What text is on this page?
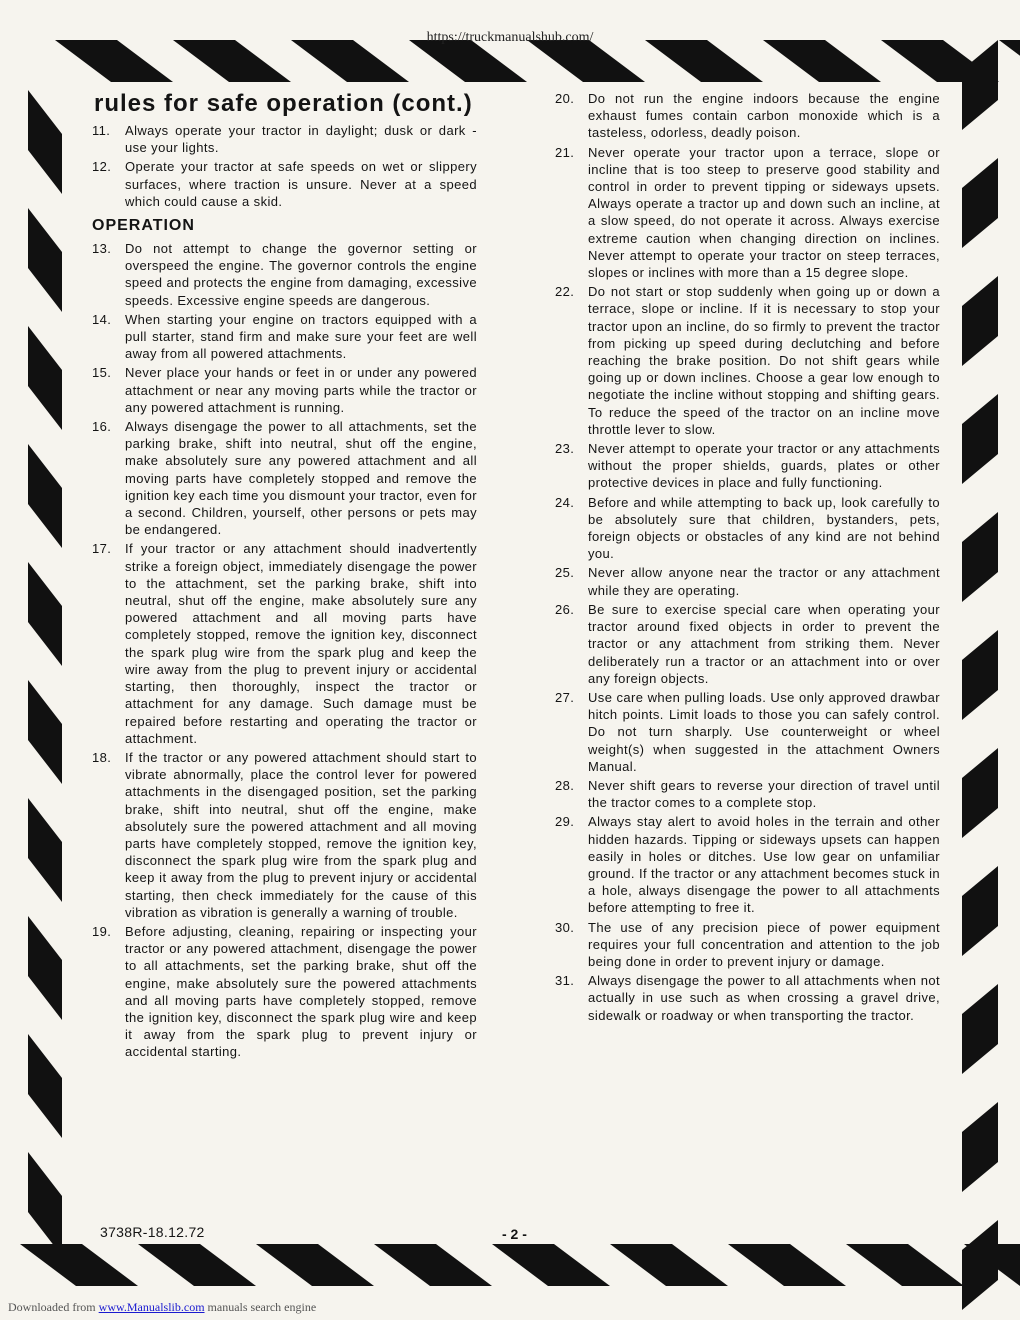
https://truckmanualshub.com/
rules for safe operation (cont.)
11.	Always operate your tractor in daylight; dusk or dark - use your lights.
12.	Operate your tractor at safe speeds on wet or slippery surfaces, where traction is unsure. Never at a speed which could cause a skid.
OPERATION
13.	Do not attempt to change the governor setting or overspeed the engine. The governor controls the engine speed and protects the engine from damaging, excessive speeds. Excessive engine speeds are dangerous.
14.	When starting your engine on tractors equipped with a pull starter, stand firm and make sure your feet are well away from all powered attachments.
15.	Never place your hands or feet in or under any powered attachment or near any moving parts while the tractor or any powered attachment is running.
16.	Always disengage the power to all attachments, set the parking brake, shift into neutral, shut off the engine, make absolutely sure any powered attachment and all moving parts have completely stopped and remove the ignition key each time you dismount your tractor, even for a second. Children, yourself, other persons or pets may be endangered.
17.	If your tractor or any attachment should inadvertently strike a foreign object, immediately disengage the power to the attachment, set the parking brake, shift into neutral, shut off the engine, make absolutely sure any powered attachment and all moving parts have completely stopped, remove the ignition key, disconnect the spark plug wire from the spark plug and keep the wire away from the plug to prevent injury or accidental starting, then thoroughly, inspect the tractor or attachment for any damage. Such damage must be repaired before restarting and operating the tractor or attachment.
18.	If the tractor or any powered attachment should start to vibrate abnormally, place the control lever for powered attachments in the disengaged position, set the parking brake, shift into neutral, shut off the engine, make absolutely sure the powered attachment and all moving parts have completely stopped, remove the ignition key, disconnect the spark plug wire from the spark plug and keep it away from the plug to prevent injury or accidental starting, then check immediately for the cause of this vibration as vibration is generally a warning of trouble.
19.	Before adjusting, cleaning, repairing or inspecting your tractor or any powered attachment, disengage the power to all attachments, set the parking brake, shut off the engine, make absolutely sure the powered attachments and all moving parts have completely stopped, remove the ignition key, disconnect the spark plug wire and keep it away from the spark plug to prevent injury or accidental starting.
20.	Do not run the engine indoors because the engine exhaust fumes contain carbon monoxide which is a tasteless, odorless, deadly poison.
21.	Never operate your tractor upon a terrace, slope or incline that is too steep to preserve good stability and control in order to prevent tipping or sideways upsets. Always operate a tractor up and down such an incline, at a slow speed, do not operate it across. Always exercise extreme caution when changing direction on inclines. Never attempt to operate your tractor on steep terraces, slopes or inclines with more than a 15 degree slope.
22.	Do not start or stop suddenly when going up or down a terrace, slope or incline. If it is necessary to stop your tractor upon an incline, do so firmly to prevent the tractor from picking up speed during declutching and before reaching the brake position. Do not shift gears while going up or down inclines. Choose a gear low enough to negotiate the incline without stopping and shifting gears. To reduce the speed of the tractor on an incline move throttle lever to slow.
23.	Never attempt to operate your tractor or any attachments without the proper shields, guards, plates or other protective devices in place and fully functioning.
24.	Before and while attempting to back up, look carefully to be absolutely sure that children, bystanders, pets, foreign objects or obstacles of any kind are not behind you.
25.	Never allow anyone near the tractor or any attachment while they are operating.
26.	Be sure to exercise special care when operating your tractor around fixed objects in order to prevent the tractor or any attachment from striking them. Never deliberately run a tractor or an attachment into or over any foreign objects.
27.	Use care when pulling loads. Use only approved drawbar hitch points. Limit loads to those you can safely control. Do not turn sharply. Use counterweight or wheel weight(s) when suggested in the attachment Owners Manual.
28.	Never shift gears to reverse your direction of travel until the tractor comes to a complete stop.
29.	Always stay alert to avoid holes in the terrain and other hidden hazards. Tipping or sideways upsets can happen easily in holes or ditches. Use low gear on unfamiliar ground. If the tractor or any attachment becomes stuck in a hole, always disengage the power to all attachments before attempting to free it.
30.	The use of any precision piece of power equipment requires your full concentration and attention to the job being done in order to prevent injury or damage.
31.	Always disengage the power to all attachments when not actually in use such as when crossing a gravel drive, sidewalk or roadway or when transporting the tractor.
3738R-18.12.72	- 2 -
Downloaded from www.Manualslib.com manuals search engine
